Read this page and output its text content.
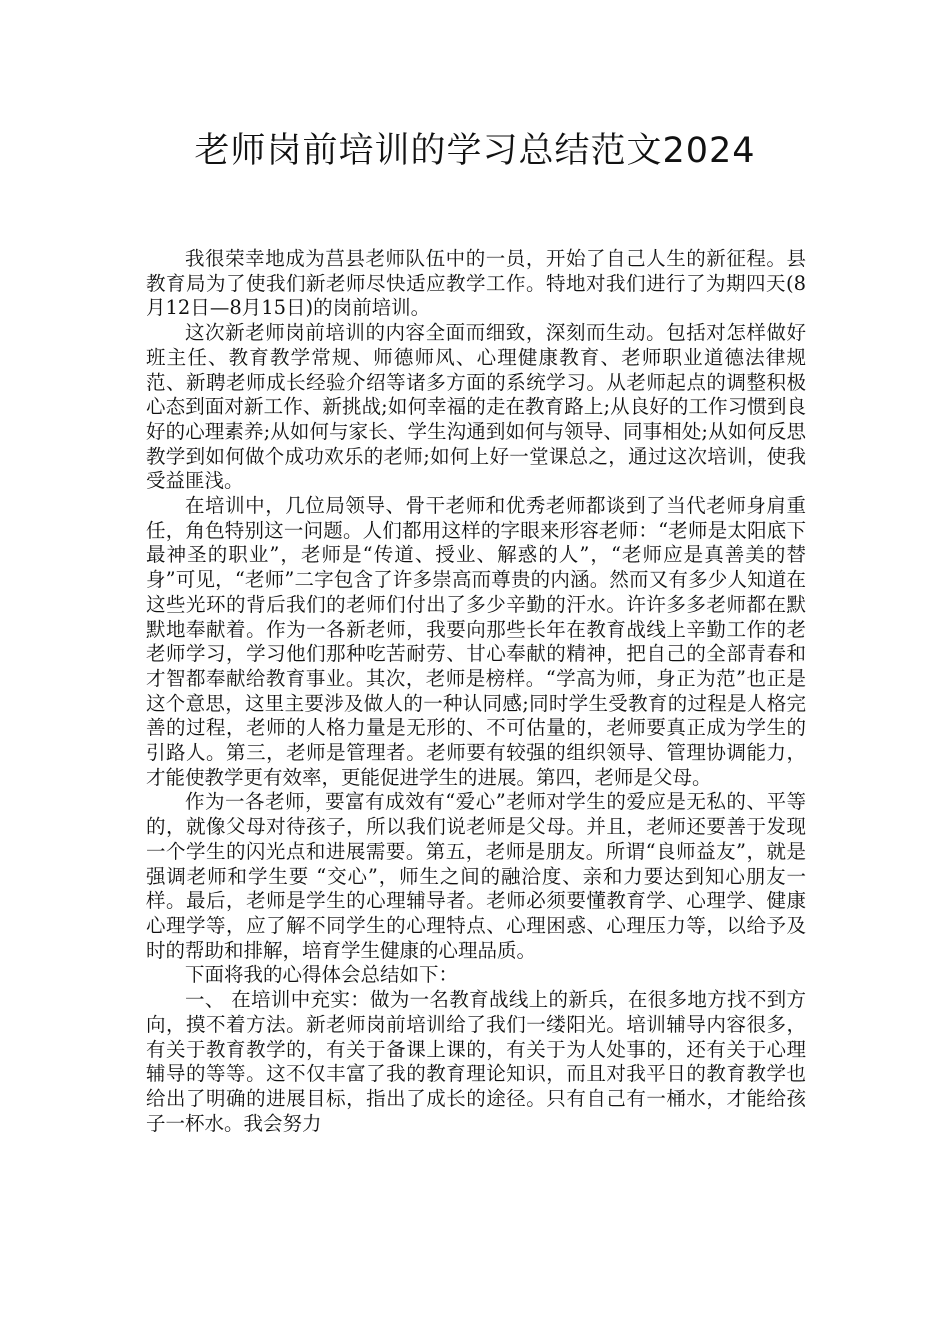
老师岗前培训的学习总结范文2024

我很荣幸地成为莒县老师队伍中的一员，开始了自己人生的新征程。县教育局为了使我们新老师尽快适应教学工作。特地对我们进行了为期四天(8月12日—8月15日)的岗前培训。

这次新老师岗前培训的内容全面而细致，深刻而生动。包括对怎样做好班主任、教育教学常规、师德师风、心理健康教育、老师职业道德法律规范、新聘老师成长经验介绍等诸多方面的系统学习。从老师起点的调整积极心态到面对新工作、新挑战;如何幸福的走在教育路上;从良好的工作习惯到良好的心理素养;从如何与家长、学生沟通到如何与领导、同事相处;从如何反思教学到如何做个成功欢乐的老师;如何上好一堂课总之，通过这次培训，使我受益匪浅。

在培训中，几位局领导、骨干老师和优秀老师都谈到了当代老师身肩重任，角色特别这一问题。人们都用这样的字眼来形容老师：“老师是太阳底下最神圣的职业”，老师是“传道、授业、解惑的人”，“老师应是真善美的替身”可见，“老师”二字包含了许多崇高而尊贵的内涵。然而又有多少人知道在这些光环的背后我们的老师们付出了多少辛勤的汗水。许许多多老师都在默默地奉献着。作为一各新老师，我要向那些长年在教育战线上辛勤工作的老老师学习，学习他们那种吃苦耐劳、甘心奉献的精神，把自己的全部青春和才智都奉献给教育事业。其次，老师是榜样。“学高为师，身正为范”也正是这个意思，这里主要涉及做人的一种认同感;同时学生受教育的过程是人格完善的过程，老师的人格力量是无形的、不可估量的，老师要真正成为学生的引路人。第三，老师是管理者。老师要有较强的组织领导、管理协调能力，才能使教学更有效率，更能促进学生的进展。第四，老师是父母。

作为一各老师，要富有成效有“爱心”老师对学生的爱应是无私的、平等的，就像父母对待孩子，所以我们说老师是父母。并且，老师还要善于发现一个学生的闪光点和进展需要。第五，老师是朋友。所谓“良师益友”，就是强调老师和学生要 “交心”，师生之间的融洽度、亲和力要达到知心朋友一样。最后，老师是学生的心理辅导者。老师必须要懂教育学、心理学、健康心理学等，应了解不同学生的心理特点、心理困惑、心理压力等，以给予及时的帮助和排解，培育学生健康的心理品质。

下面将我的心得体会总结如下：

一、 在培训中充实：做为一名教育战线上的新兵，在很多地方找不到方向，摸不着方法。新老师岗前培训给了我们一缕阳光。培训辅导内容很多，有关于教育教学的，有关于备课上课的，有关于为人处事的，还有关于心理辅导的等等。这不仅丰富了我的教育理论知识，而且对我平日的教育教学也给出了明确的进展目标，指出了成长的途径。只有自己有一桶水，才能给孩子一杯水。我会努力
